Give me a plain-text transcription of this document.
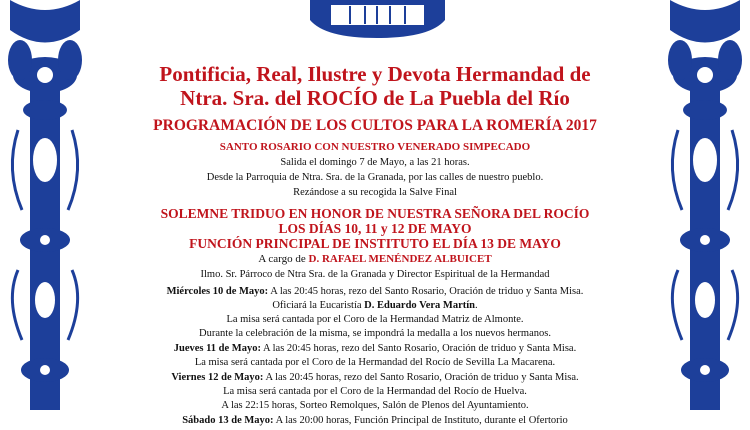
Pontificia, Real, Ilustre y Devota Hermandad de
Ntra. Sra. del ROCÍO de La Puebla del Río
PROGRAMACIÓN DE LOS CULTOS PARA LA ROMERÍA 2017
SANTO ROSARIO CON NUESTRO VENERADO SIMPECADO
Salida el domingo 7 de Mayo, a las 21 horas.
Desde la Parroquia de Ntra. Sra. de la Granada, por las calles de nuestro pueblo.
Rezándose a su recogida la Salve Final
SOLEMNE TRIDUO EN HONOR DE NUESTRA SEÑORA DEL ROCÍO
LOS DÍAS 10, 11 y 12 DE MAYO
FUNCIÓN PRINCIPAL DE INSTITUTO EL DÍA 13 DE MAYO
A cargo de D. RAFAEL MENÉNDEZ ALBUICET
Ilmo. Sr. Párroco de Ntra Sra. de la Granada y Director Espiritual de la Hermandad
Miércoles 10 de Mayo: A las 20:45 horas, rezo del Santo Rosario, Oración de triduo y Santa Misa.
Oficiará la Eucaristía D. Eduardo Vera Martín.
La misa será cantada por el Coro de la Hermandad Matriz de Almonte.
Durante la celebración de la misma, se impondrá la medalla a los nuevos hermanos.
Jueves 11 de Mayo: A las 20:45 horas, rezo del Santo Rosario, Oración de triduo y Santa Misa.
La misa será cantada por el Coro de la Hermandad del Rocío de Sevilla La Macarena.
Viernes 12 de Mayo: A las 20:45 horas, rezo del Santo Rosario, Oración de triduo y Santa Misa.
La misa será cantada por el Coro de la Hermandad del Rocío de Huelva.
A las 22:15 horas, Sorteo Remolques, Salón de Plenos del Ayuntamiento.
Sábado 13 de Mayo: A las 20:00 horas, Función Principal de Instituto, durante el Ofertorio
